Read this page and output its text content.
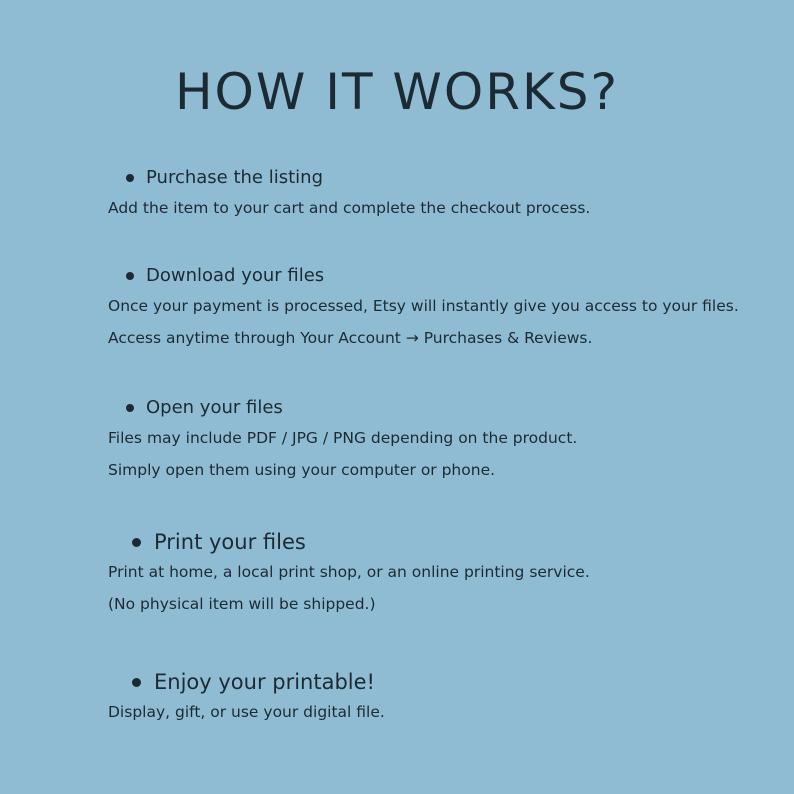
HOW IT WORKS?
Purchase the listing
Add the item to your cart and complete the checkout process.
Download your files
Once your payment is processed, Etsy will instantly give you access to your files.
Access anytime through Your Account → Purchases & Reviews.
Open your files
Files may include PDF / JPG / PNG depending on the product.
Simply open them using your computer or phone.
Print your files
Print at home, a local print shop, or an online printing service.
(No physical item will be shipped.)
Enjoy your printable!
Display, gift, or use your digital file.
